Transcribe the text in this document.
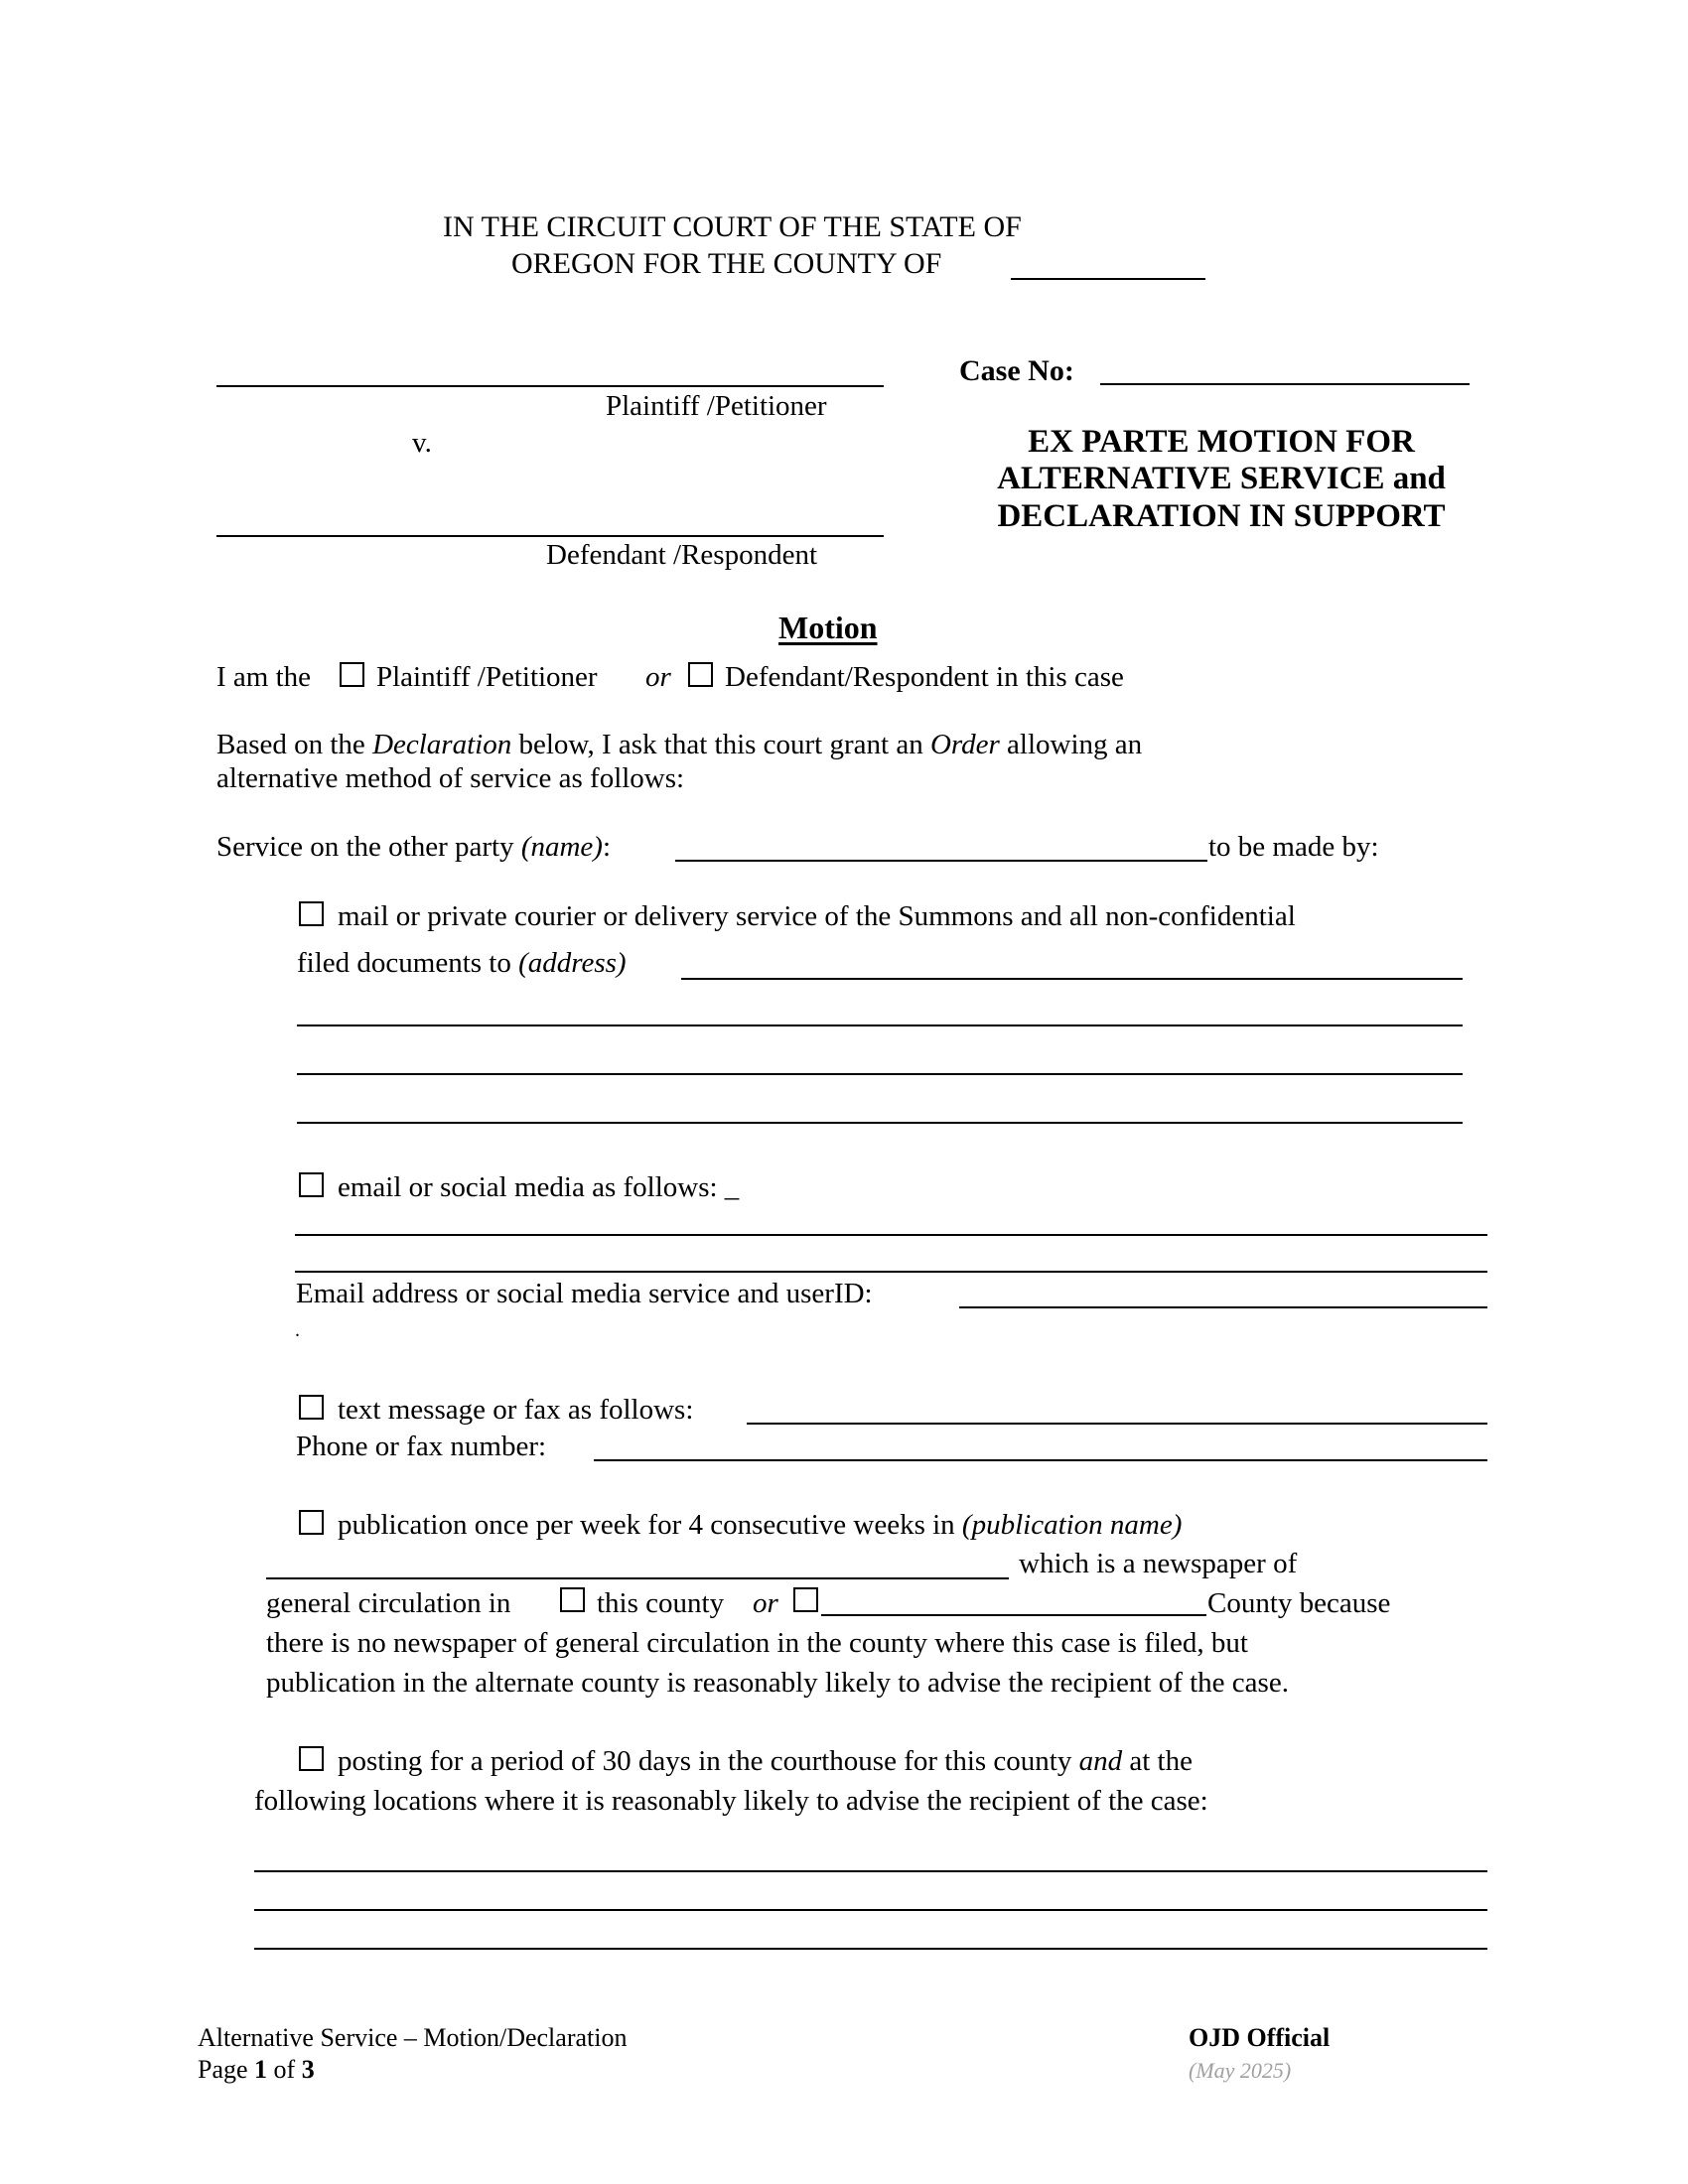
IN THE CIRCUIT COURT OF THE STATE OF
OREGON FOR THE COUNTY OF
Plaintiff /Petitioner
v.
Defendant /Respondent
Case No:
EX PARTE MOTION FOR
ALTERNATIVE SERVICE and
DECLARATION IN SUPPORT
Motion
I am the Plaintiff /Petitioner or Defendant/Respondent in this case
Based on the Declaration below, I ask that this court grant an Order allowing an
alternative method of service as follows:
Service on the other party (name):	to be made by:
mail or private courier or delivery service of the Summons and all non-confidential
filed documents to (address)
email or social media as follows: _
Email address or social media service and userID:
.
text message or fax as follows:
Phone or fax number:
publication once per week for 4 consecutive weeks in (publication name)
which is a newspaper of
general circulation in	this county or	County because
there is no newspaper of general circulation in the county where this case is filed, but
publication in the alternate county is reasonably likely to advise the recipient of the case.
posting for a period of 30 days in the courthouse for this county and at the
following locations where it is reasonably likely to advise the recipient of the case:
Alternative Service – Motion/Declaration
Page 1 of 3
OJD Official
(May 2025)
